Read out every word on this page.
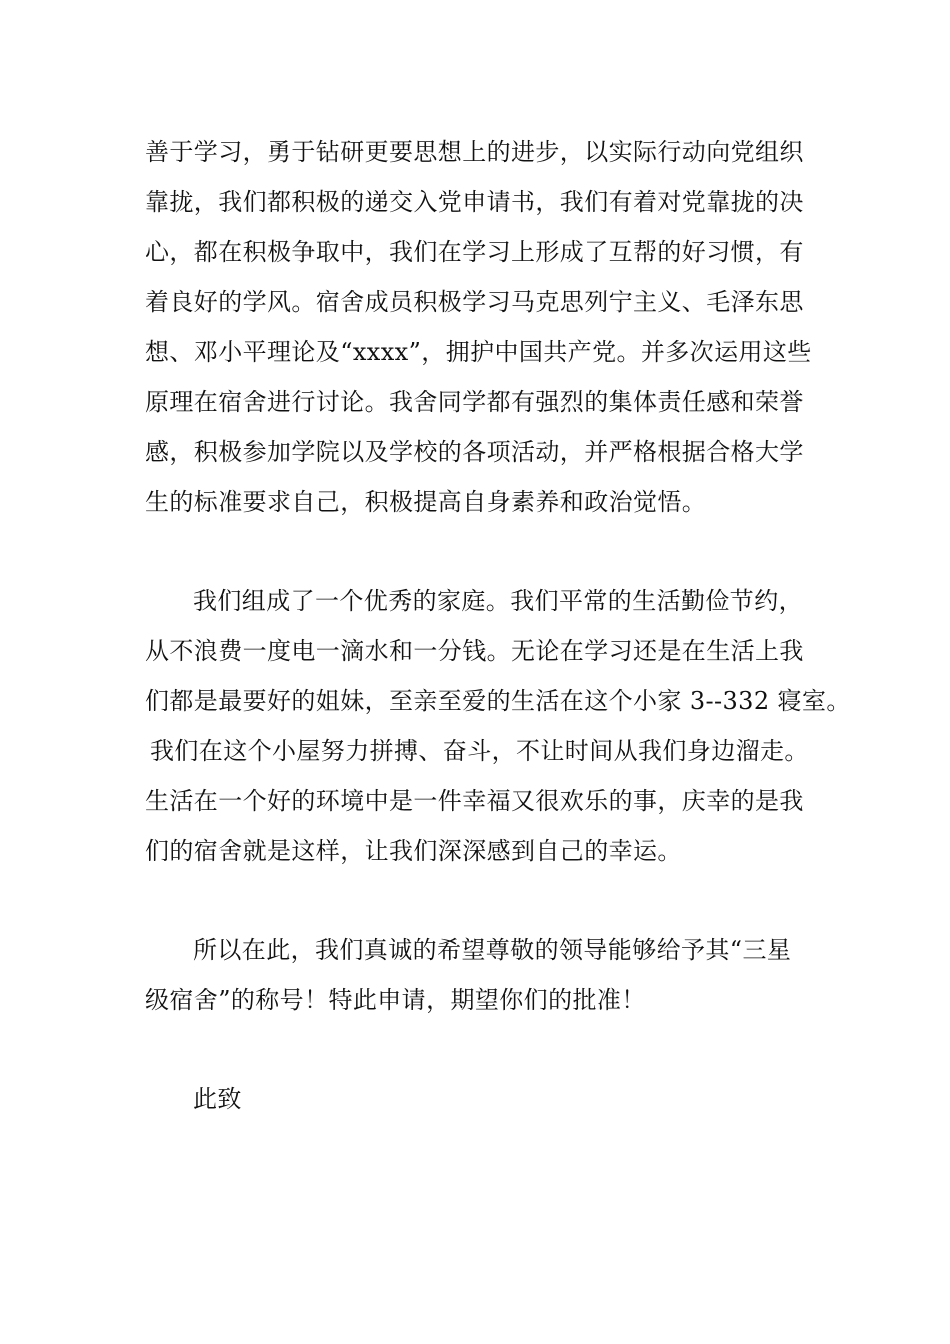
善于学习，勇于钻研更要思想上的进步，以实际行动向党组织
靠拢，我们都积极的递交入党申请书，我们有着对党靠拢的决
心，都在积极争取中，我们在学习上形成了互帮的好习惯，有
着良好的学风。宿舍成员积极学习马克思列宁主义、毛泽东思
想、邓小平理论及“xxxx”，拥护中国共产党。并多次运用这些
原理在宿舍进行讨论。我舍同学都有强烈的集体责任感和荣誉
感，积极参加学院以及学校的各项活动，并严格根据合格大学
生的标准要求自己，积极提高自身素养和政治觉悟。
我们组成了一个优秀的家庭。我们平常的生活勤俭节约，
从不浪费一度电一滴水和一分钱。无论在学习还是在生活上我
们都是最要好的姐妹，至亲至爱的生活在这个小家 3--332 寝室。
我们在这个小屋努力拼搏、奋斗，不让时间从我们身边溜走。
生活在一个好的环境中是一件幸福又很欢乐的事，庆幸的是我
们的宿舍就是这样，让我们深深感到自己的幸运。
所以在此，我们真诚的希望尊敬的领导能够给予其“三星
级宿舍”的称号！特此申请，期望你们的批准！
此致
